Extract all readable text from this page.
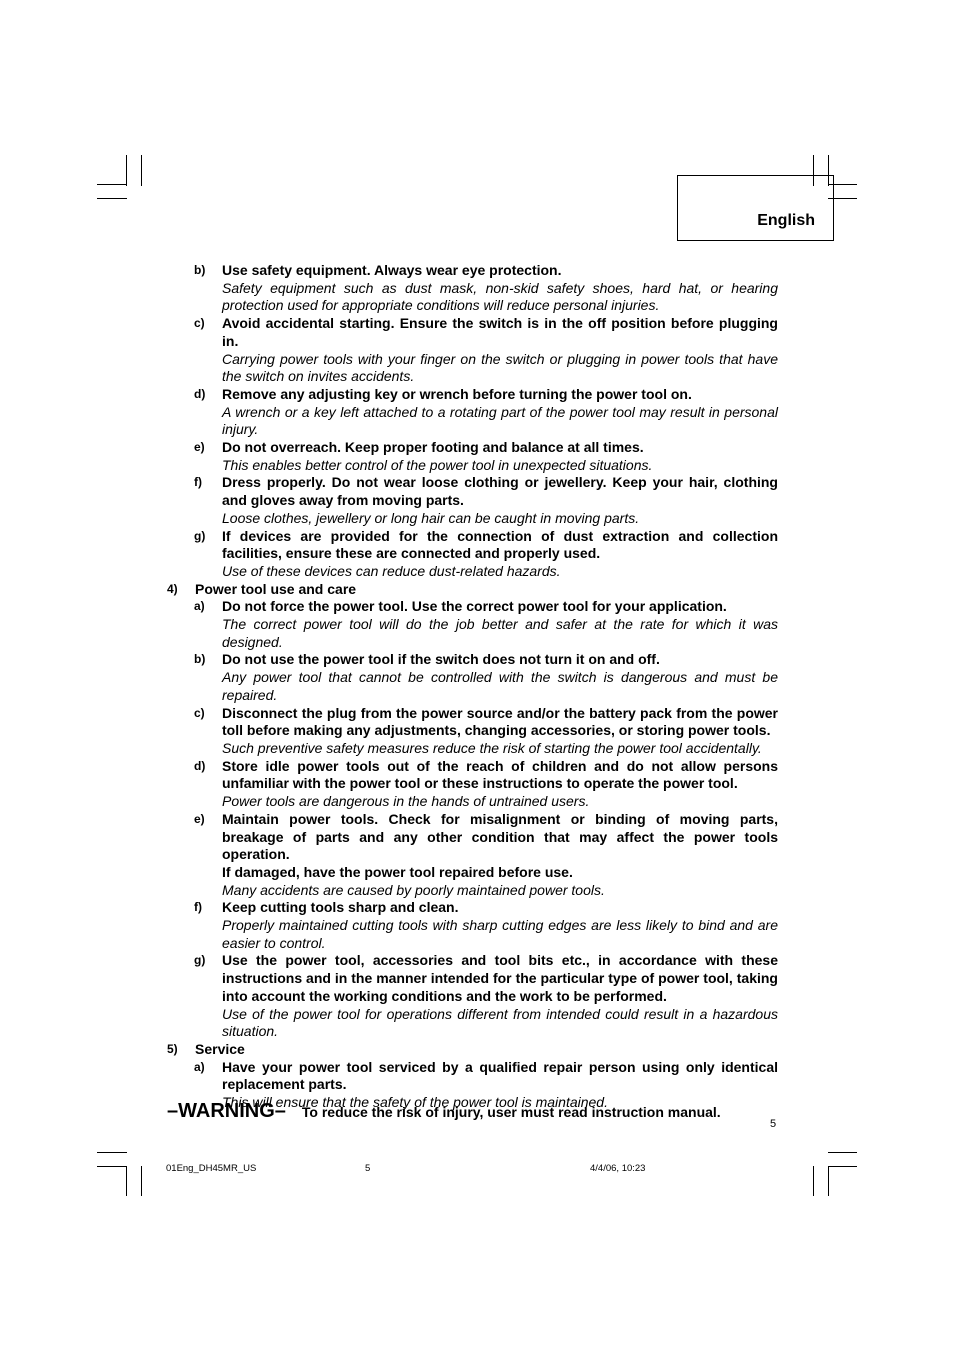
English
b)	Use safety equipment. Always wear eye protection.
Safety equipment such as dust mask, non-skid safety shoes, hard hat, or hearing protection used for appropriate conditions will reduce personal injuries.
c)	Avoid accidental starting. Ensure the switch is in the off position before plugging in.
Carrying power tools with your finger on the switch or plugging in power tools that have the switch on invites accidents.
d)	Remove any adjusting key or wrench before turning the power tool on.
A wrench or a key left attached to a rotating part of the power tool may result in personal injury.
e)	Do not overreach. Keep proper footing and balance at all times.
This enables better control of the power tool in unexpected situations.
f)	Dress properly. Do not wear loose clothing or jewellery. Keep your hair, clothing and gloves away from moving parts.
Loose clothes, jewellery or long hair can be caught in moving parts.
g)	If devices are provided for the connection of dust extraction and collection facilities, ensure these are connected and properly used.
Use of these devices can reduce dust-related hazards.
4)	Power tool use and care
a)	Do not force the power tool. Use the correct power tool for your application.
The correct power tool will do the job better and safer at the rate for which it was designed.
b)	Do not use the power tool if the switch does not turn it on and off.
Any power tool that cannot be controlled with the switch is dangerous and must be repaired.
c)	Disconnect the plug from the power source and/or the battery pack from the power toll before making any adjustments, changing accessories, or storing power tools.
Such preventive safety measures reduce the risk of starting the power tool accidentally.
d)	Store idle power tools out of the reach of children and do not allow persons unfamiliar with the power tool or these instructions to operate the power tool.
Power tools are dangerous in the hands of untrained users.
e)	Maintain power tools. Check for misalignment or binding of moving parts, breakage of parts and any other condition that may affect the power tools operation.
If damaged, have the power tool repaired before use.
Many accidents are caused by poorly maintained power tools.
f)	Keep cutting tools sharp and clean.
Properly maintained cutting tools with sharp cutting edges are less likely to bind and are easier to control.
g)	Use the power tool, accessories and tool bits etc., in accordance with these instructions and in the manner intended for the particular type of power tool, taking into account the working conditions and the work to be performed.
Use of the power tool for operations different from intended could result in a hazardous situation.
5)	Service
a)	Have your power tool serviced by a qualified repair person using only identical replacement parts.
This will ensure that the safety of the power tool is maintained.
–WARNING– To reduce the risk of injury, user must read instruction manual.
5
01Eng_DH45MR_US	5	4/4/06, 10:23
